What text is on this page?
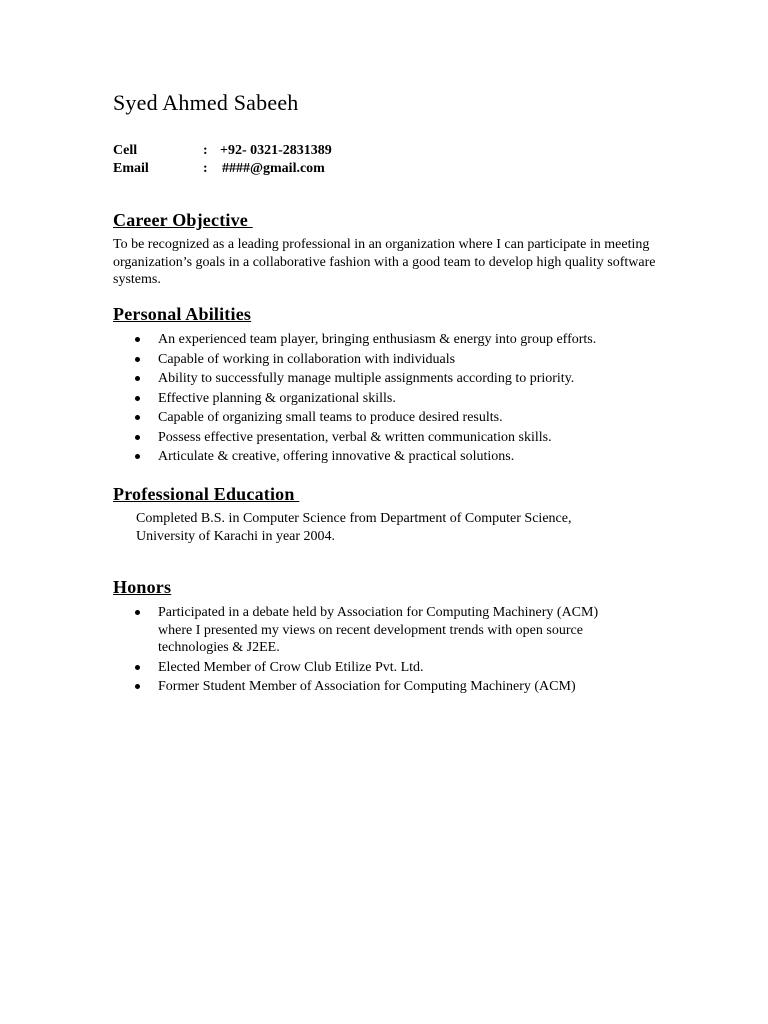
Syed Ahmed Sabeeh
Cell	: +92- 0321-2831389
Email	: ####@gmail.com
Career Objective

To be recognized as a leading professional in an organization where I can participate in meeting organization’s goals in a collaborative fashion with a good team to develop high quality software systems.

Personal Abilities
An experienced team player, bringing enthusiasm & energy into group efforts.
Capable of working in collaboration with individuals
Ability to successfully manage multiple assignments according to priority.
Effective planning & organizational skills.
Capable of organizing small teams to produce desired results.
Possess effective presentation, verbal & written communication skills.
Articulate & creative, offering innovative & practical solutions.
Professional Education

Completed B.S. in Computer Science from Department of Computer Science,
University of Karachi in year 2004.

Honors
Participated in a debate held by Association for Computing Machinery (ACM)
where I presented my views on recent development trends with open source
technologies & J2EE.
Elected Member of Crow Club Etilize Pvt. Ltd.
Former Student Member of Association for Computing Machinery (ACM)
